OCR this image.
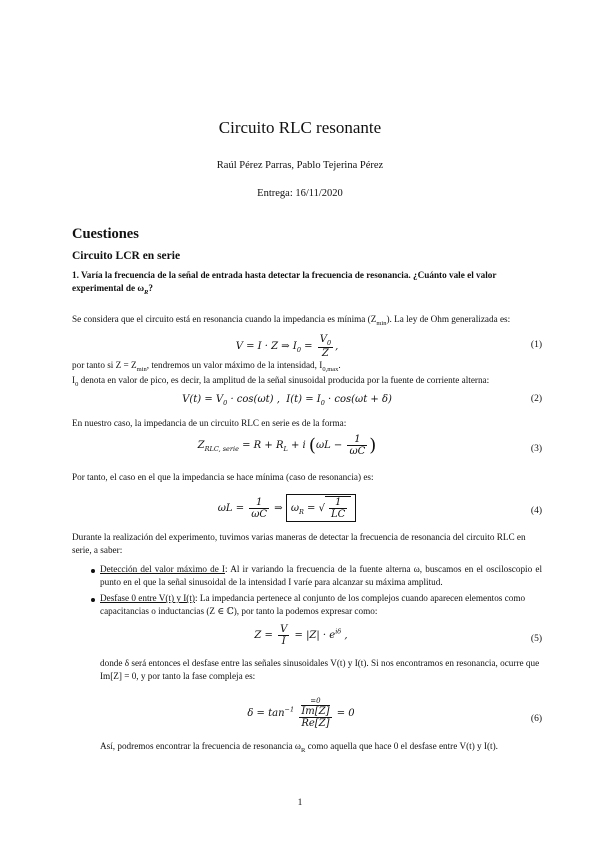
Circuito RLC resonante
Raúl Pérez Parras, Pablo Tejerina Pérez
Entrega: 16/11/2020
Cuestiones
Circuito LCR en serie
1. Varía la frecuencia de la señal de entrada hasta detectar la frecuencia de resonancia. ¿Cuánto vale el valor experimental de $\omega_R$?
Se considera que el circuito está en resonancia cuando la impedancia es mínima $(Z_{min})$. La ley de Ohm generalizada es:
V = I · Z ⇒ $I_0 = \frac{V_0}{Z}$ ,	(1)
por tanto si $Z = Z_{min}$, tendremos un valor máximo de la intensidad, $I_{0,max}$.
$I_0$ denota en valor de pico, es decir, la amplitud de la señal sinusoidal producida por la fuente de corriente alterna:
$V(t) = V_0 \cdot \cos(\omega t)$ ,  $I(t) = I_0 \cdot \cos(\omega t + \delta)$	(2)
En nuestro caso, la impedancia de un circuito RLC en serie es de la forma:
$Z_{RLC, serie} = R + R_L + i$ ($\omega L - \frac{1}{\omega C}$ )	(3)
Por tanto, el caso en el que la impedancia se hace mínima (caso de resonancia) es:
$\omega L = \frac{1}{\omega C}$ ⇒ $\omega_R$ = √ $\frac{1}{LC}$	(4)
Durante la realización del experimento, tuvimos varias maneras de detectar la frecuencia de resonancia del circuito RLC en serie, a saber:
Detección del valor máximo de I: Al ir variando la frecuencia de la fuente alterna ω, buscamos en el osciloscopio el punto en el que la señal sinusoidal de la intensidad I varíe para alcanzar su máxima amplitud.
Desfase 0 entre V(t) y I(t): La impedancia pertenece al conjunto de los complejos cuando aparecen elementos como capacitancias o inductancias (Z ∈ ℂ), por tanto la podemos expresar como:
$Z = \frac{V}{I} = |Z| \cdot e^{i\delta}$ ,	(5)
donde δ será entonces el desfase entre las señales sinusoidales V(t) y I(t). Si nos encontramos en resonancia, ocurre que Im[Z] = 0, y por tanto la fase compleja es:
$\delta = \tan^{-1} =0$
Im[Z]
Re[Z] = 0	(6)
Así, podremos encontrar la frecuencia de resonancia $\omega_R$ como aquella que hace 0 el desfase entre V(t) y I(t).
1
